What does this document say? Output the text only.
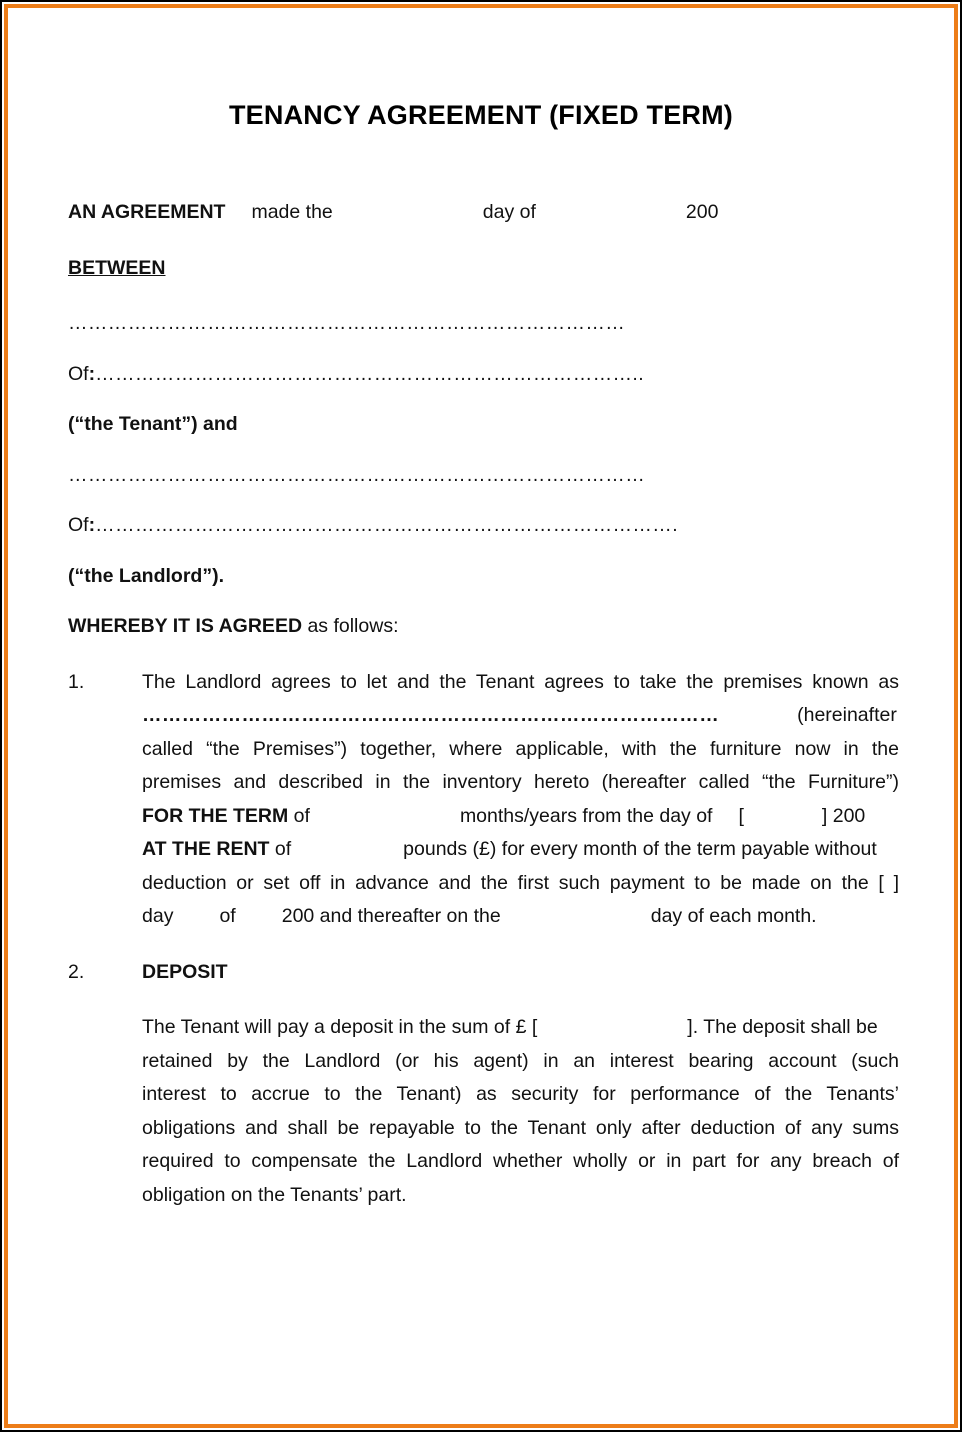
TENANCY AGREEMENT (FIXED TERM)
AN AGREEMENT made the	day of	200
BETWEEN
…………………………………………………………………………
Of:………………………………………………………………………..
(“the Tenant”) and
……………………………………………………………………………
Of:…………………………………………………………………………….
(“the Landlord”).
WHEREBY IT IS AGREED as follows:
1.	The Landlord agrees to let and the Tenant agrees to take the premises known as
……………………………………………………………………………	(hereinafter
called “the Premises”) together, where applicable, with the furniture now in the
premises and described in the inventory hereto (hereafter called “the Furniture”)
FOR THE TERM of	months/years from the day of [	] 200
AT THE RENT of	pounds (£) for every month of the term payable without
deduction or set off in advance and the first such payment to be made on the [ ]
day of 200 and thereafter on the	day of each month.
2.	DEPOSIT
The Tenant will pay a deposit in the sum of £ [	]. The deposit shall be
retained by the Landlord (or his agent) in an interest bearing account (such
interest to accrue to the Tenant) as security for performance of the Tenants’
obligations and shall be repayable to the Tenant only after deduction of any sums
required to compensate the Landlord whether wholly or in part for any breach of
obligation on the Tenants’ part.
